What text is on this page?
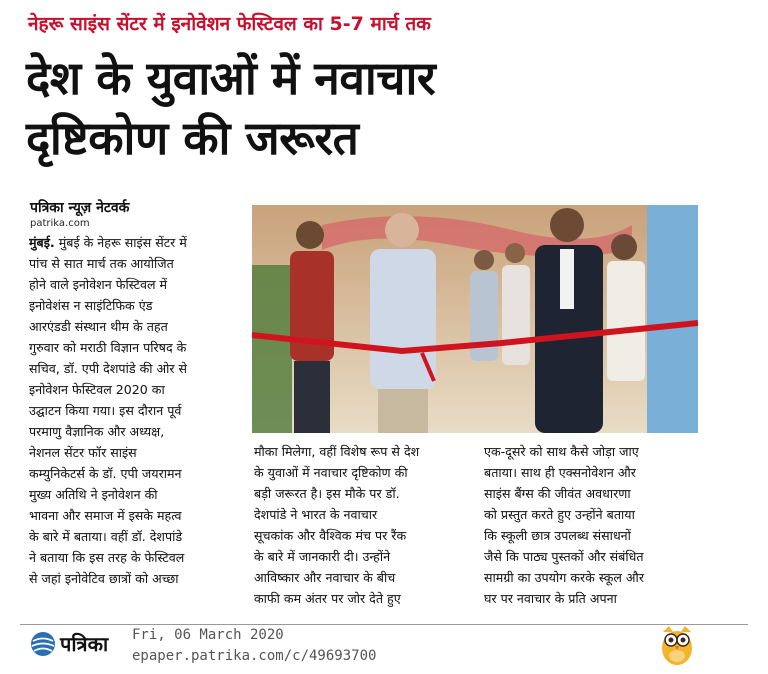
नेहरू साइंस सेंटर में इनोवेशन फेस्टिवल का 5-7 मार्च तक
देश के युवाओं में नवाचार
दृष्टिकोण की जरूरत
पत्रिका न्यूज़ नेटवर्क
patrika.com
मुंबई. मुंबई के नेहरू साइंस सेंटर में
पांच से सात मार्च तक आयोजित
होने वाले इनोवेशन फेस्टिवल में
इनोवेशंस न साइंटिफिक एंड
आरएंडडी संस्थान थीम के तहत
गुरुवार को मराठी विज्ञान परिषद के
सचिव, डॉ. एपी देशपांडे की ओर से
इनोवेशन फेस्टिवल 2020 का
उद्घाटन किया गया। इस दौरान पूर्व
परमाणु वैज्ञानिक और अध्यक्ष,
नेशनल सेंटर फॉर साइंस
कम्युनिकेटर्स के डॉ. एपी जयरामन
मुख्य अतिथि ने इनोवेशन की
भावना और समाज में इसके महत्व
के बारे में बताया। वहीं डॉ. देशपांडे
ने बताया कि इस तरह के फेस्टिवल
से जहां इनोवेटिव छात्रों को अच्छा
मौका मिलेगा, वहीं विशेष रूप से देश
के युवाओं में नवाचार दृष्टिकोण की
बड़ी जरूरत है। इस मौके पर डॉ.
देशपांडे ने भारत के नवाचार
सूचकांक और वैश्विक मंच पर रैंक
के बारे में जानकारी दी। उन्होंने
आविष्कार और नवाचार के बीच
काफी कम अंतर पर जोर देते हुए
एक-दूसरे को साथ कैसे जोड़ा जाए
बताया। साथ ही एक्सनोवेशन और
साइंस बैंग्स की जीवंत अवधारणा
को प्रस्तुत करते हुए उन्होंने बताया
कि स्कूली छात्र उपलब्ध संसाधनों
जैसे कि पाठ्य पुस्तकों और संबंधित
सामग्री का उपयोग करके स्कूल और
घर पर नवाचार के प्रति अपना
पत्रिका Fri, 06 March 2020
epaper.patrika.com/c/49693700
